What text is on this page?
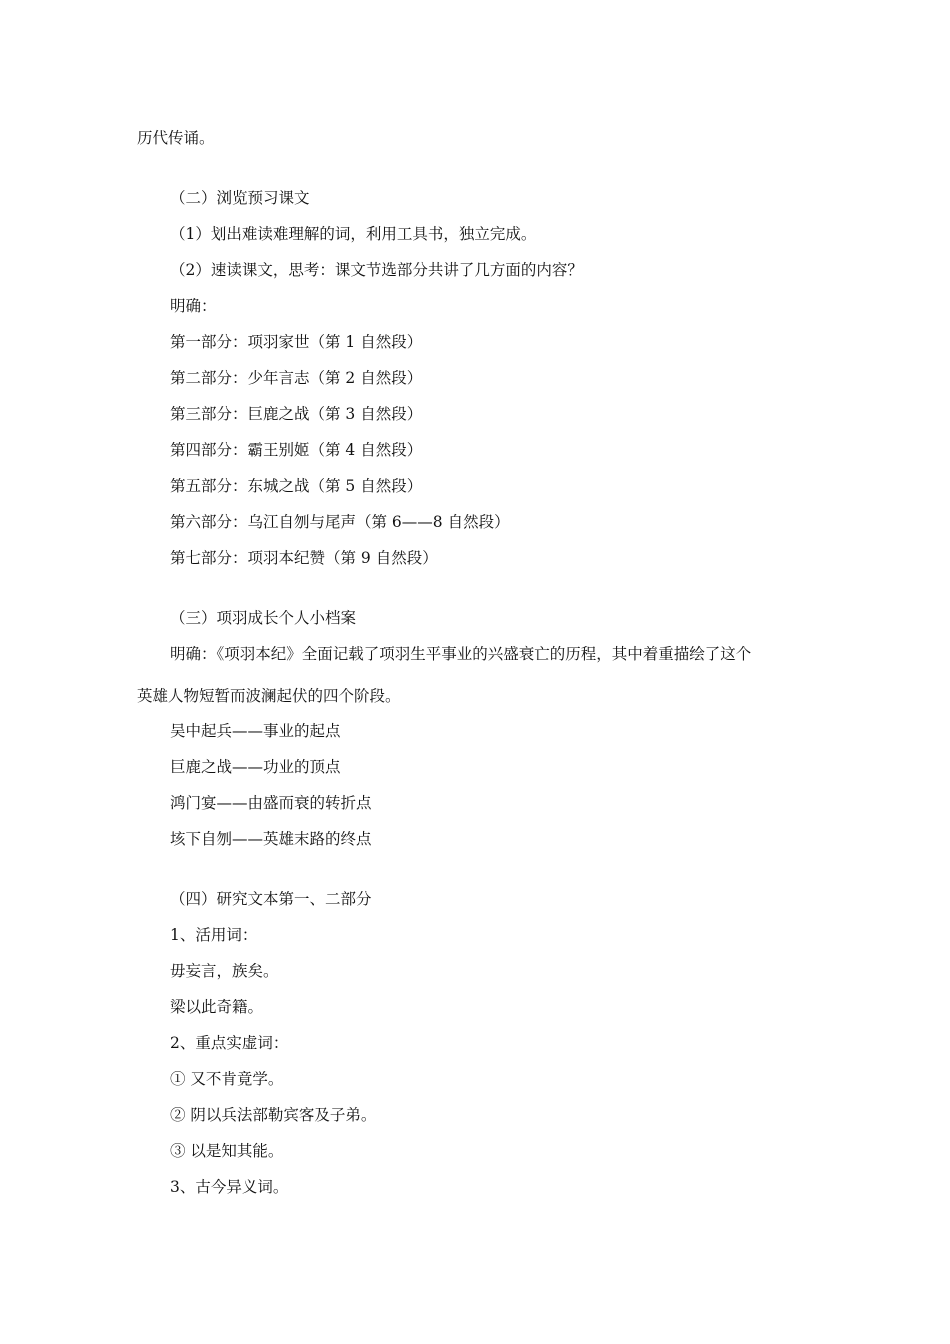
历代传诵。
（二）浏览预习课文
（1）划出难读难理解的词，利用工具书，独立完成。
（2）速读课文，思考：课文节选部分共讲了几方面的内容？
明确：
第一部分：项羽家世（第 1 自然段）
第二部分：少年言志（第 2 自然段）
第三部分：巨鹿之战（第 3 自然段）
第四部分：霸王别姬（第 4 自然段）
第五部分：东城之战（第 5 自然段）
第六部分：乌江自刎与尾声（第 6——8 自然段）
第七部分：项羽本纪赞（第 9 自然段）
（三）项羽成长个人小档案
明确：《项羽本纪》全面记载了项羽生平事业的兴盛衰亡的历程，其中着重描绘了这个
英雄人物短暂而波澜起伏的四个阶段。
吴中起兵——事业的起点
巨鹿之战——功业的顶点
鸿门宴——由盛而衰的转折点
垓下自刎——英雄末路的终点
（四）研究文本第一、二部分
1、活用词：
毋妄言，族矣。
梁以此奇籍。
2、重点实虚词：
① 又不肯竟学。
② 阴以兵法部勒宾客及子弟。
③ 以是知其能。
3、古今异义词。
